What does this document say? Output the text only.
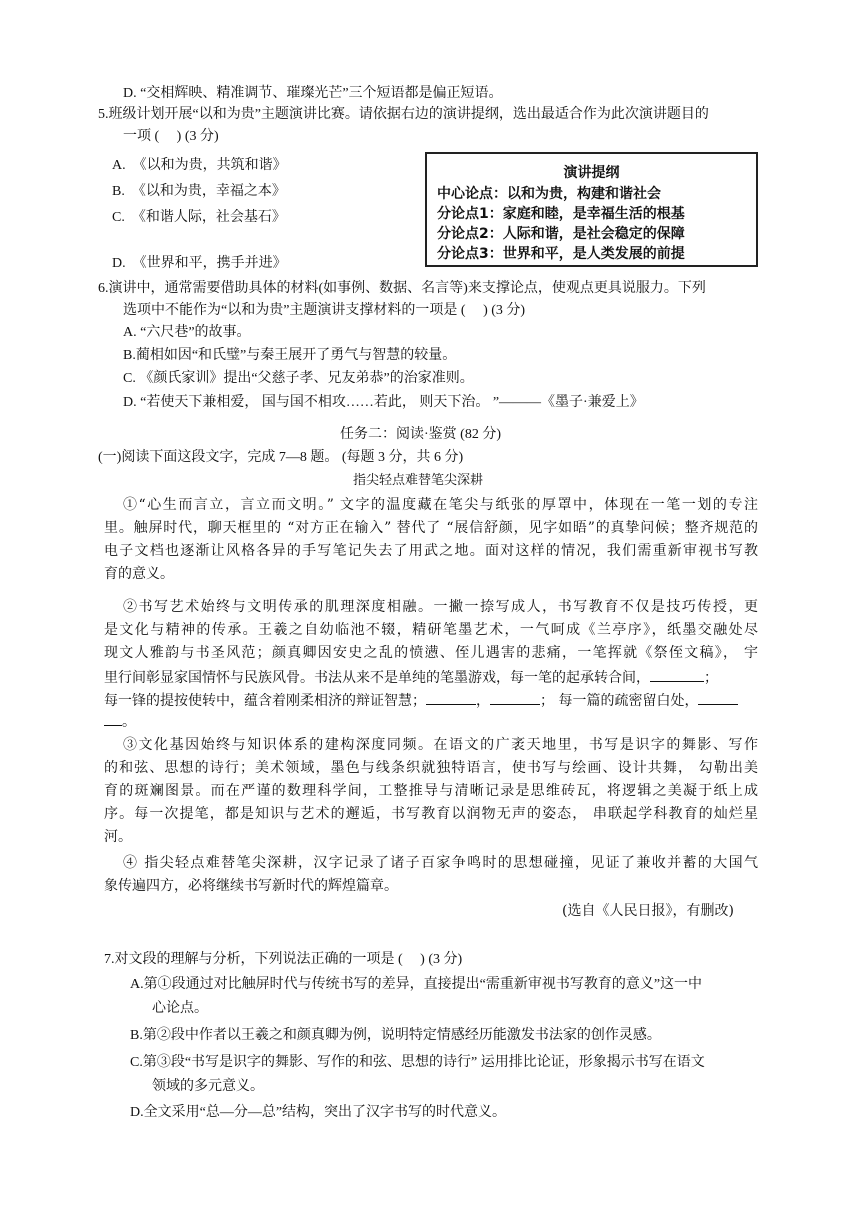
D. “交相辉映、精准调节、璀璨光芒”三个短语都是偏正短语。
5.班级计划开展“以和为贵”主题演讲比赛。请依据右边的演讲提纲，选出最适合作为此次演讲题目的
一项 (　 ) (3 分)
A.　《以和为贵，共筑和谐》
B.　《以和为贵，幸福之本》
C.　《和谐人际，社会基石》
D.　《世界和平，携手并进》
演讲提纲
中心论点：以和为贵，构建和谐社会
分论点1：家庭和睦，是幸福生活的根基
分论点2：人际和谐，是社会稳定的保障
分论点3：世界和平，是人类发展的前提
6.演讲中，通常需要借助具体的材料(如事例、数据、名言等)来支撑论点，使观点更具说服力。下列
选项中不能作为“以和为贵”主题演讲支撑材料的一项是 (　 ) (3 分)
A. “六尺巷”的故事。
B.蔺相如因“和氏璧”与秦王展开了勇气与智慧的较量。
C. 《颜氏家训》提出“父慈子孝、兄友弟恭”的治家准则。
D. “若使天下兼相爱， 国与国不相攻……若此， 则天下治。 ”———《墨子·兼爱上》
任务二：阅读·鉴赏 (82 分)
(一)阅读下面这段文字，完成 7—8 题。 (每题 3 分，共 6 分)
指尖轻点难替笔尖深耕
①“心生而言立，言立而文明。” 文字的温度藏在笔尖与纸张的厚罩中，体现在一笔一划的专注
里。触屏时代，聊天框里的 “对方正在输入” 替代了 “展信舒颜，见字如晤”的真挚问候；整齐规范的
电子文档也逐渐让风格各异的手写笔记失去了用武之地。面对这样的情况，我们需重新审视书写教
育的意义。
②书写艺术始终与文明传承的肌理深度相融。一撇一捺写成人，书写教育不仅是技巧传授，更
是文化与精神的传承。王羲之自幼临池不辍，精研笔墨艺术，一气呵成《兰亭序》，纸墨交融处尽
现文人雅韵与书圣风范；颜真卿因安史之乱的愤懑、侄儿遇害的悲痛，一笔挥就《祭侄文稿》， 宇
里行间彰显家国情怀与民族风骨。书法从来不是单纯的笔墨游戏，每一笔的起承转合间，	；
每一锋的提按使转中，蕴含着刚柔相济的辩证智慧；	，	； 每一篇的疏密留白处，
。
③文化基因始终与知识体系的建构深度同频。在语文的广袤天地里，书写是识字的舞影、写作
的和弦、思想的诗行；美术领域，墨色与线条织就独特语言，使书写与绘画、设计共舞， 勾勒出美
育的斑斓图景。而在严谨的数理科学间，工整推导与清晰记录是思维砖瓦，将逻辑之美凝于纸上成
序。每一次提笔，都是知识与艺术的邂逅，书写教育以润物无声的姿态， 串联起学科教育的灿烂星
河。
④ 指尖轻点难替笔尖深耕，汉字记录了诸子百家争鸣时的思想碰撞，见证了兼收并蓄的大国气
象传遍四方，必将继续书写新时代的辉煌篇章。
(选自《人民日报》，有删改)
7.对文段的理解与分析，下列说法正确的一项是 (　 ) (3 分)
A.第①段通过对比触屏时代与传统书写的差异，直接提出“需重新审视书写教育的意义”这一中
心论点。
B.第②段中作者以王羲之和颜真卿为例，说明特定情感经历能激发书法家的创作灵感。
C.第③段“书写是识字的舞影、写作的和弦、思想的诗行” 运用排比论证，形象揭示书写在语文
领域的多元意义。
D.全文采用“总—分—总”结构，突出了汉字书写的时代意义。
